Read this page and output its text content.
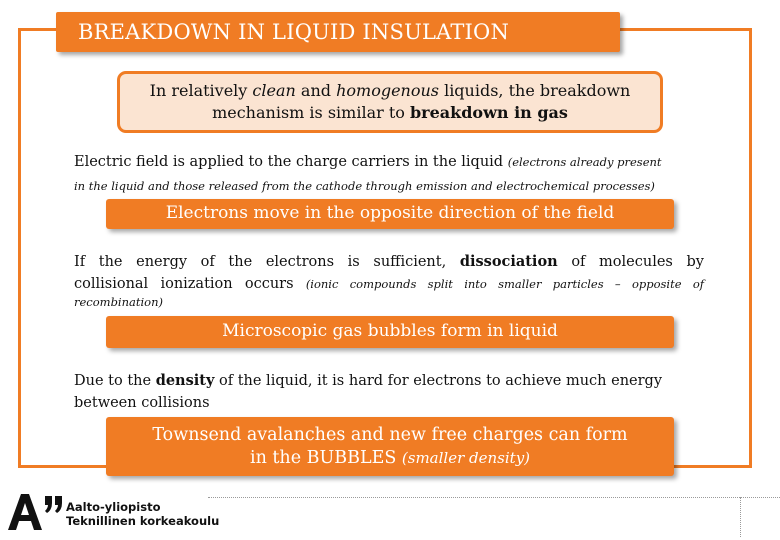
BREAKDOWN IN LIQUID INSULATION
In relatively clean and homogenous liquids, the breakdown
mechanism is similar to breakdown in gas
Electric field is applied to the charge carriers in the liquid (electrons already present
in the liquid and those released from the cathode through emission and electrochemical processes)
Electrons move in the opposite direction of the field
If the energy of the electrons is sufficient, dissociation of molecules by
collisional ionization occurs (ionic compounds split into smaller particles – opposite of
recombination)
Microscopic gas bubbles form in liquid
Due to the density of the liquid, it is hard for electrons to achieve much energy
between collisions
Townsend avalanches and new free charges can form
in the BUBBLES (smaller density)
Aalto-yliopisto
Teknillinen korkeakoulu
